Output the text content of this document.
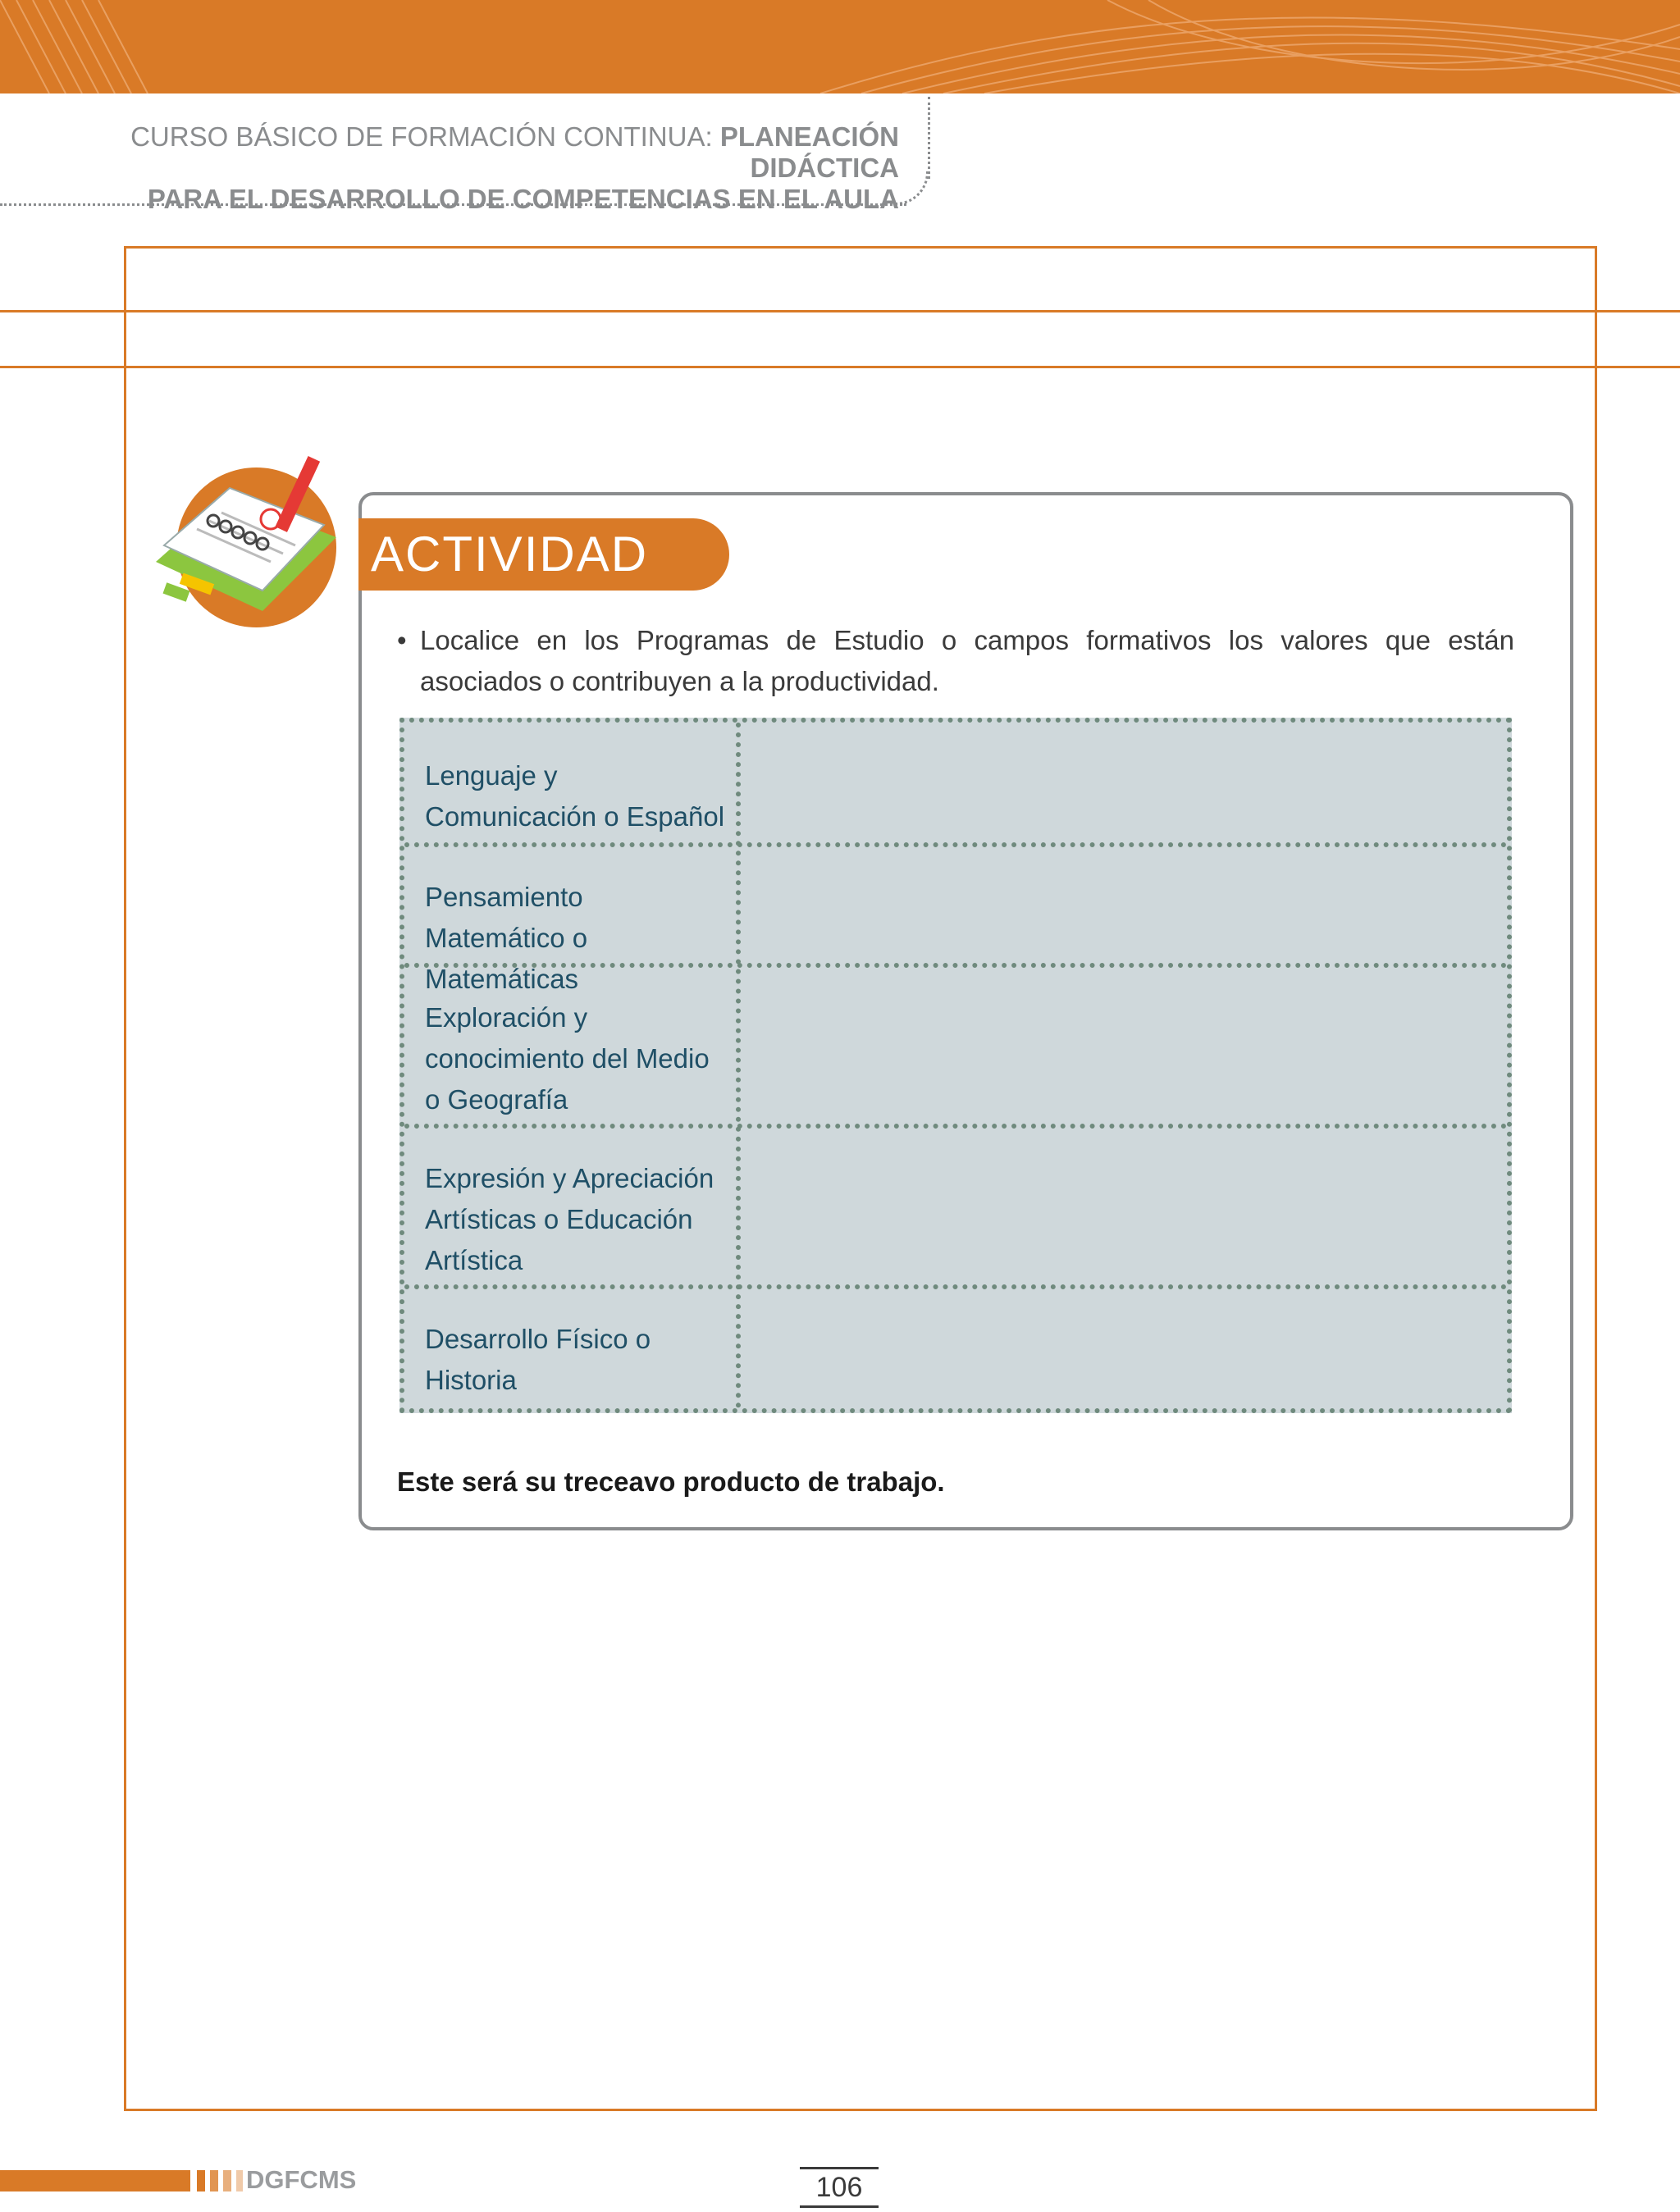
CURSO BÁSICO DE FORMACIÓN CONTINUA: PLANEACIÓN DIDÁCTICA
PARA EL DESARROLLO DE COMPETENCIAS EN EL AULA
ACTIVIDAD
• Localice en los Programas de Estudio o campos formativos los valores que están asociados o contribuyen a la productividad.
Lenguaje y Comunicación o Español
Pensamiento Matemático o Matemáticas
Exploración y conocimiento del Medio o Geografía
Expresión y Apreciación Artísticas o Educación Artística
Desarrollo Físico o Historia
Este será su treceavo producto de trabajo.
DGFCMS	106
